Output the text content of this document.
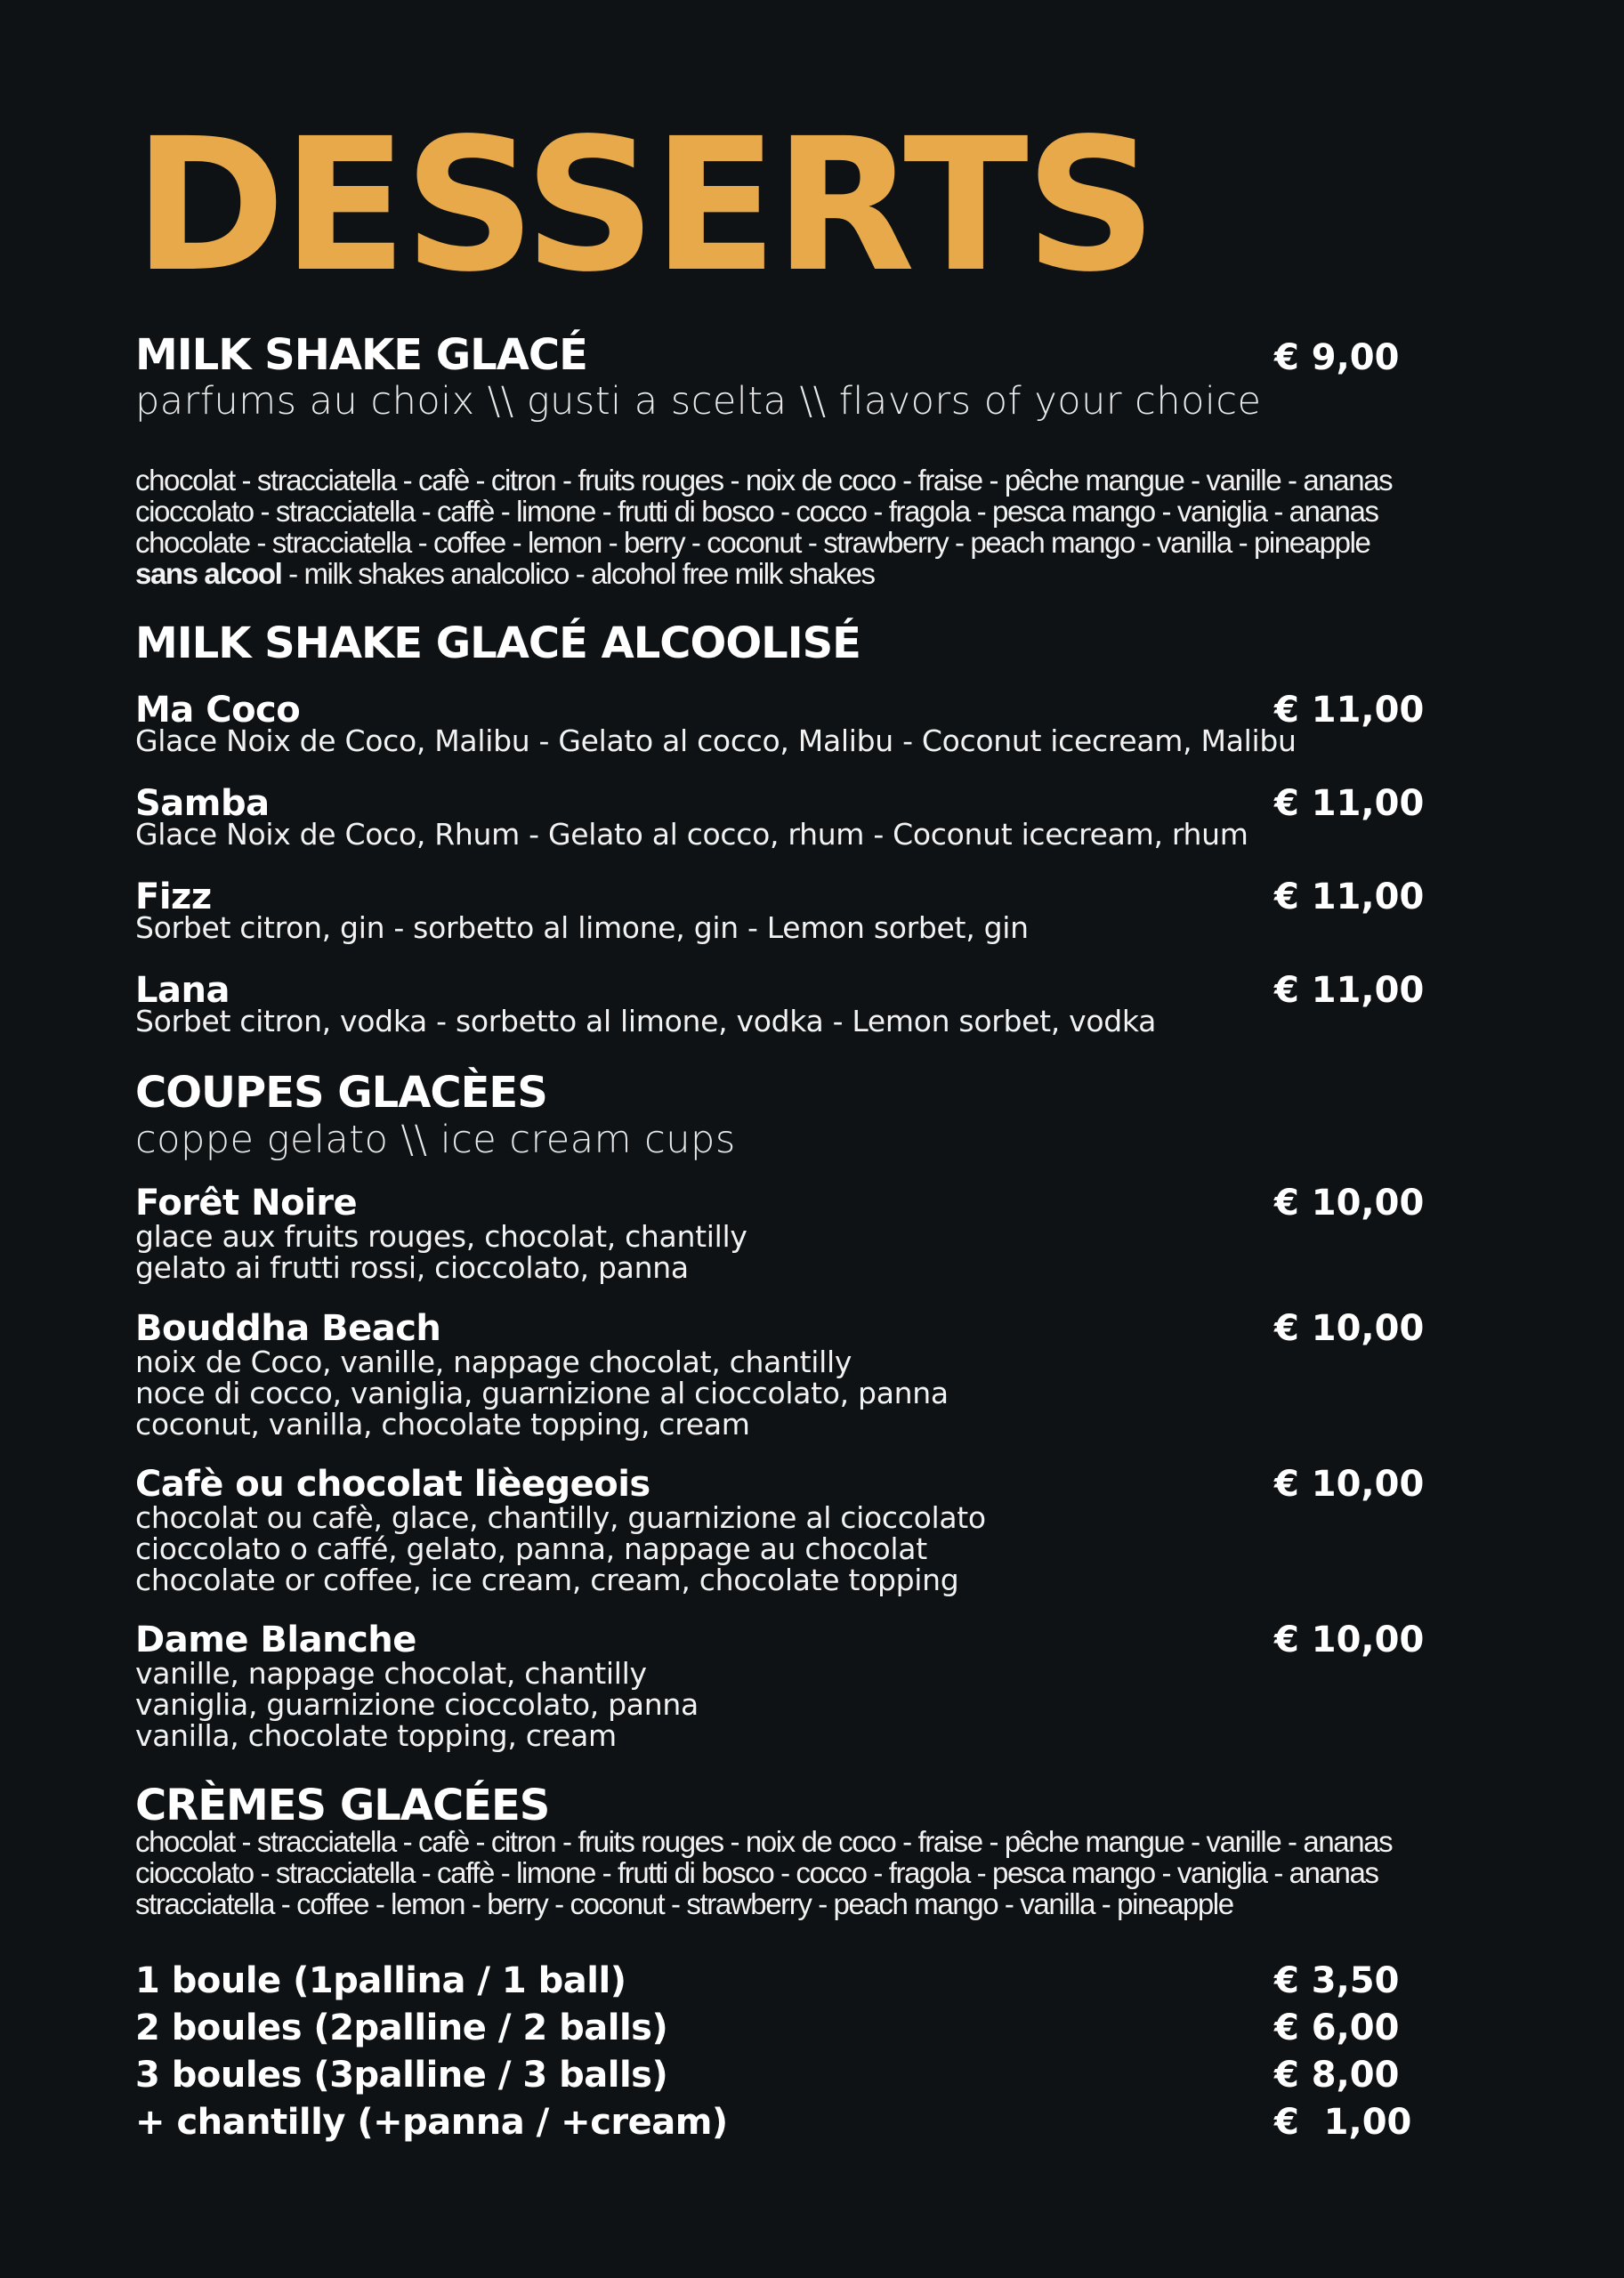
DESSERTS
MILK SHAKE GLACÉ	€ 9,00
parfums au choix \\ gusti a scelta \\ flavors of your choice
chocolat - stracciatella - cafè - citron - fruits rouges - noix de coco - fraise - pêche mangue - vanille - ananas
cioccolato - stracciatella - caffè - limone - frutti di bosco - cocco - fragola - pesca mango - vaniglia - ananas
chocolate - stracciatella - coffee - lemon - berry - coconut - strawberry - peach mango - vanilla - pineapple
sans alcool - milk shakes analcolico - alcohol free milk shakes
MILK SHAKE GLACÉ ALCOOLISÉ
Ma Coco	€ 11,00
Glace Noix de Coco, Malibu - Gelato al cocco, Malibu - Coconut icecream, Malibu
Samba	€ 11,00
Glace Noix de Coco, Rhum - Gelato al cocco, rhum - Coconut icecream, rhum
Fizz	€ 11,00
Sorbet citron, gin - sorbetto al limone, gin - Lemon sorbet, gin
Lana	€ 11,00
Sorbet citron, vodka - sorbetto al limone, vodka - Lemon sorbet, vodka
COUPES GLACÈES
coppe gelato \\ ice cream cups
Forêt Noire	€ 10,00
glace aux fruits rouges, chocolat, chantilly
gelato ai frutti rossi, cioccolato, panna
Bouddha Beach	€ 10,00
noix de Coco, vanille, nappage chocolat, chantilly
noce di cocco, vaniglia, guarnizione al cioccolato, panna
coconut, vanilla, chocolate topping, cream
Cafè ou chocolat lièegeois	€ 10,00
chocolat ou cafè, glace, chantilly, guarnizione al cioccolato
cioccolato o caffé, gelato, panna, nappage au chocolat
chocolate or coffee, ice cream, cream, chocolate topping
Dame Blanche	€ 10,00
vanille, nappage chocolat, chantilly
vaniglia, guarnizione cioccolato, panna
vanilla, chocolate topping, cream
CRÈMES GLACÉES
chocolat - stracciatella - cafè - citron - fruits rouges - noix de coco - fraise - pêche mangue - vanille - ananas
cioccolato - stracciatella - caffè - limone - frutti di bosco - cocco - fragola - pesca mango - vaniglia - ananas
stracciatella - coffee - lemon - berry - coconut - strawberry - peach mango - vanilla - pineapple
1 boule (1pallina / 1 ball)	€ 3,50
2 boules (2palline / 2 balls)	€ 6,00
3 boules (3palline / 3 balls)	€ 8,00
+ chantilly (+panna / +cream)	€  1,00
